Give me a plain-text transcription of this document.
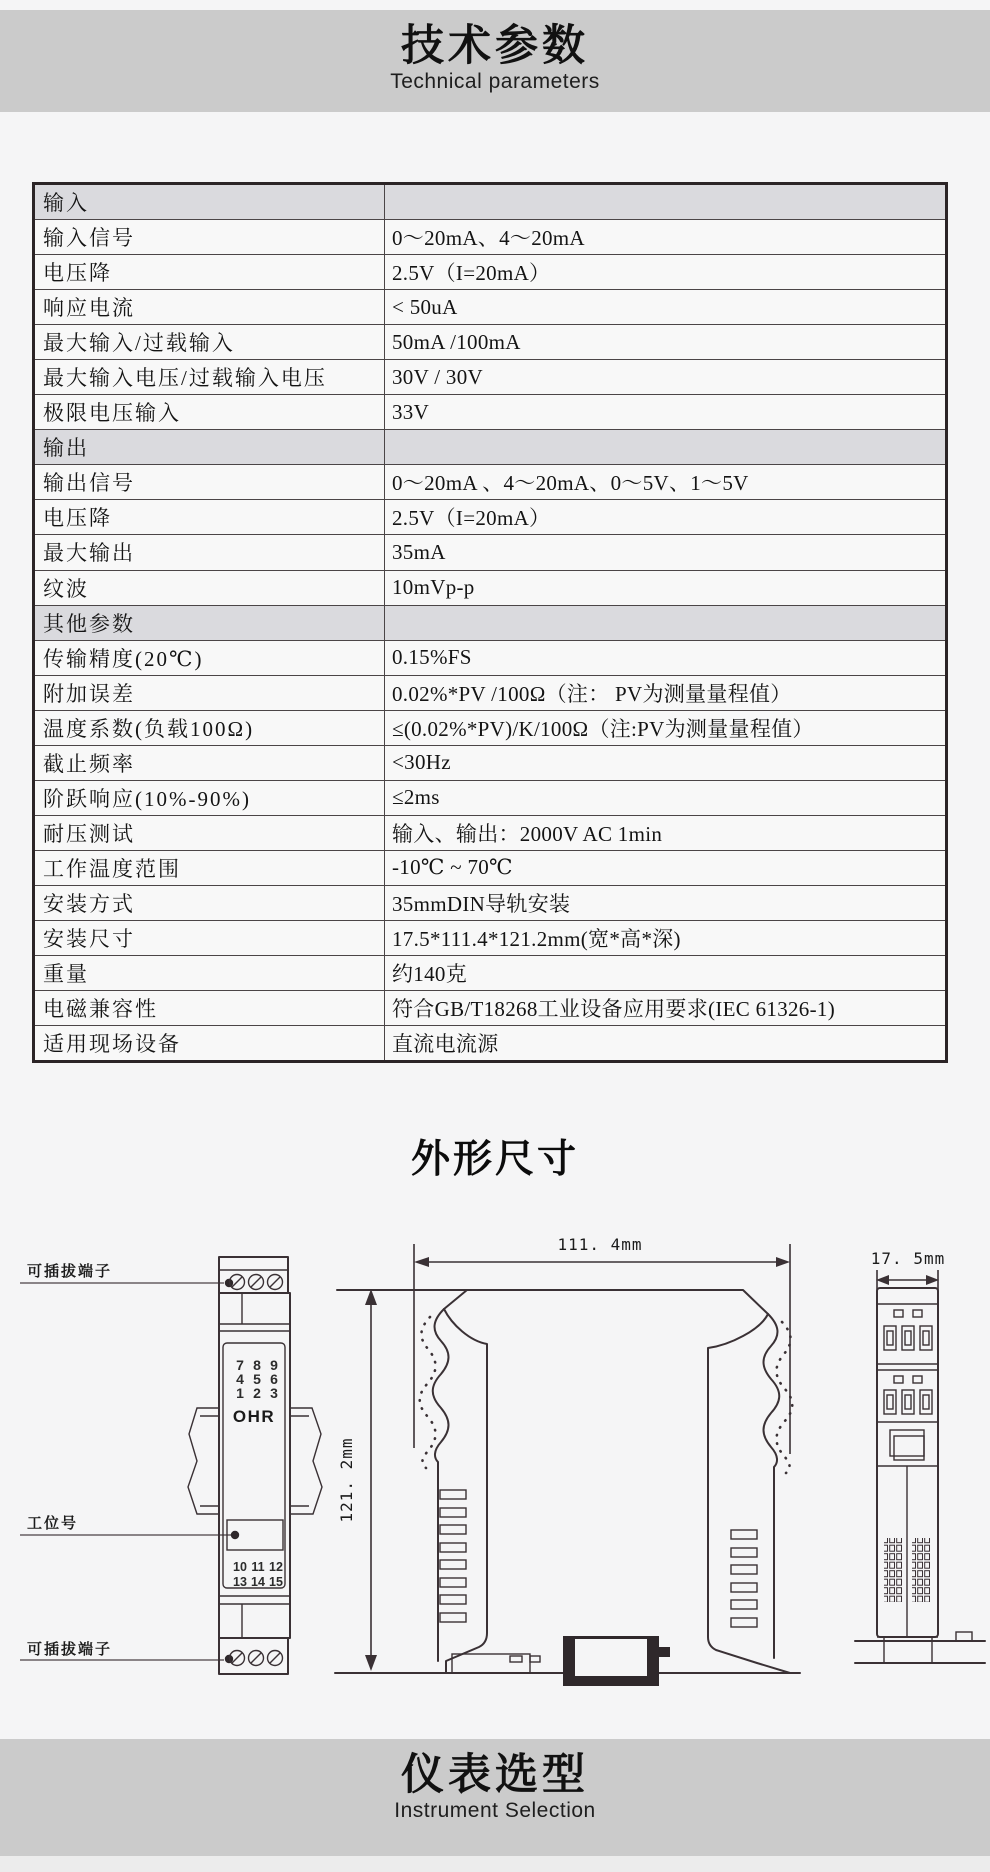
技术参数
Technical parameters
输入
输入信号	0～20mA、4～20mA
电压降	2.5V（I=20mA）
响应电流	< 50uA
最大输入/过载输入	50mA /100mA
最大输入电压/过载输入电压	30V / 30V
极限电压输入	33V
输出
输出信号	0～20mA 、4～20mA、0～5V、1～5V
电压降	2.5V（I=20mA）
最大输出	35mA
纹波	10mVp-p
其他参数
传输精度(20℃)	0.15%FS
附加误差	0.02%*PV /100Ω（注： PV为测量量程值）
温度系数(负载100Ω)	≤(0.02%*PV)/K/100Ω（注:PV为测量量程值）
截止频率	<30Hz
阶跃响应(10%-90%)	≤2ms
耐压测试	输入、输出：2000V AC 1min
工作温度范围	-10℃ ~ 70℃
安装方式	35mmDIN导轨安装
安装尺寸	17.5*111.4*121.2mm(宽*高*深)
重量	约140克
电磁兼容性	符合GB/T18268工业设备应用要求(IEC 61326-1)
适用现场设备	直流电流源
外形尺寸
可插拔端子
工位号
可插拔端子
7 8 9
4 5 6
1 2 3
OHR
10 11 12
13 14 15
111. 4mm
121. 2mm
17. 5mm
仪表选型
Instrument Selection
